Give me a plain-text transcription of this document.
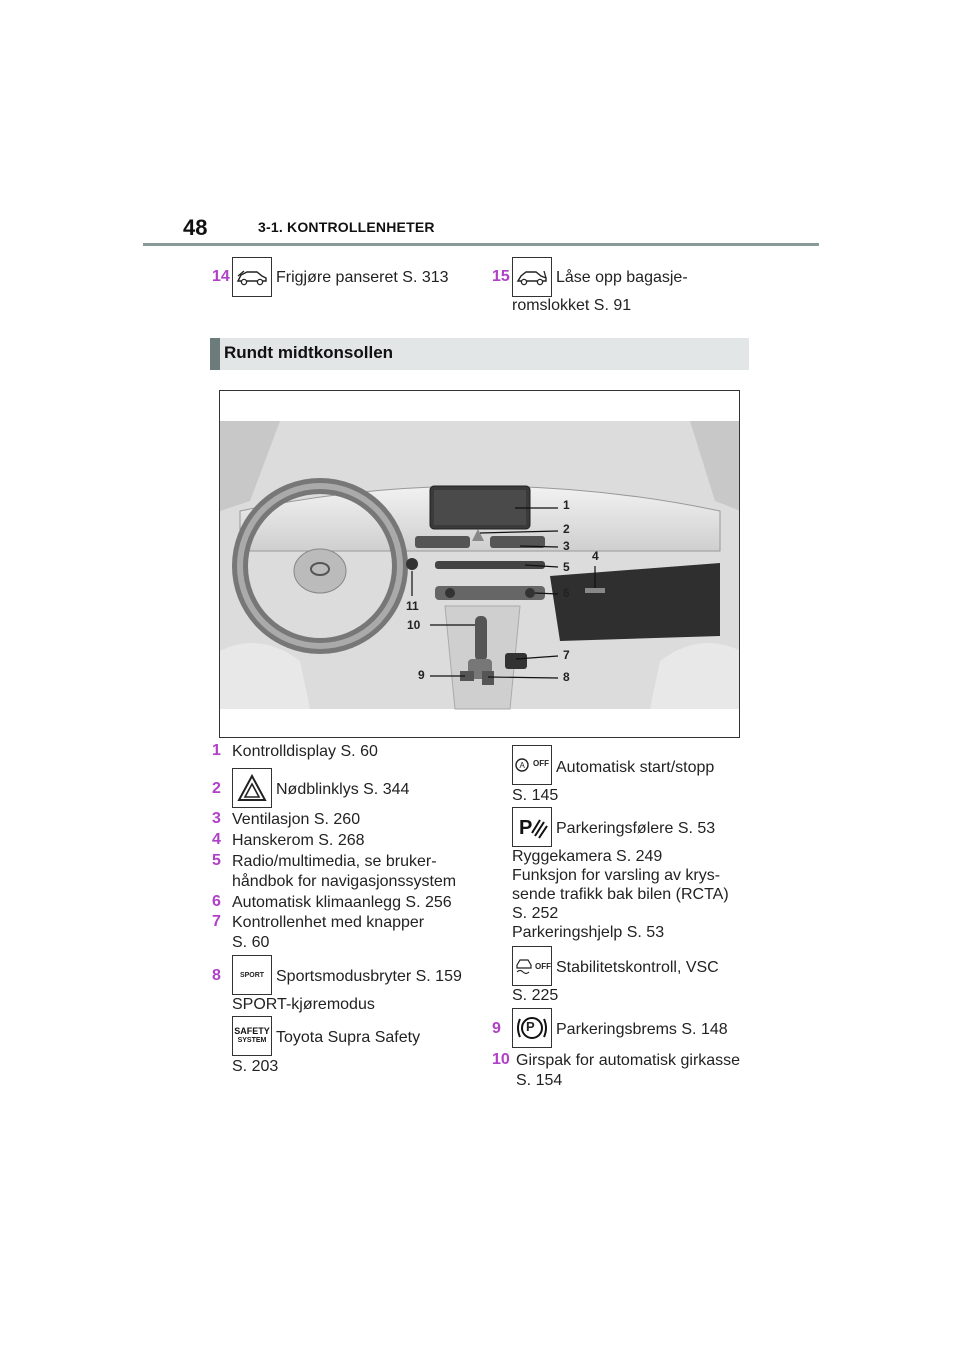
48	3-1. KONTROLLENHETER
14	Frigjøre panseret S. 313	15	Låse opp bagasje-
romslokket S. 91
Rundt midtkonsollen
1
2
3
4
5
6
7
8
9
10
11
1 Kontrolldisplay S. 60
2	Nødblinklys S. 344
3 Ventilasjon S. 260
4 Hanskerom S. 268
5 Radio/multimedia, se bruker-
håndbok for navigasjonssystem
6 Automatisk klimaanlegg S. 256
7 Kontrollenhet med knapper
S. 60
8	SPORT Sportsmodusbryter S. 159
SPORT-kjøremodus
SAFETY
SYSTEM Toyota Supra Safety
S. 203
A OFF Automatisk start/stopp
S. 145
P Parkeringsfølere S. 53
Ryggekamera S. 249
Funksjon for varsling av krys-
sende trafikk bak bilen (RCTA)
S. 252
Parkeringshjelp S. 53
OFF Stabilitetskontroll, VSC
S. 225
9 P Parkeringsbrems S. 148
10 Girspak for automatisk girkasse
S. 154
